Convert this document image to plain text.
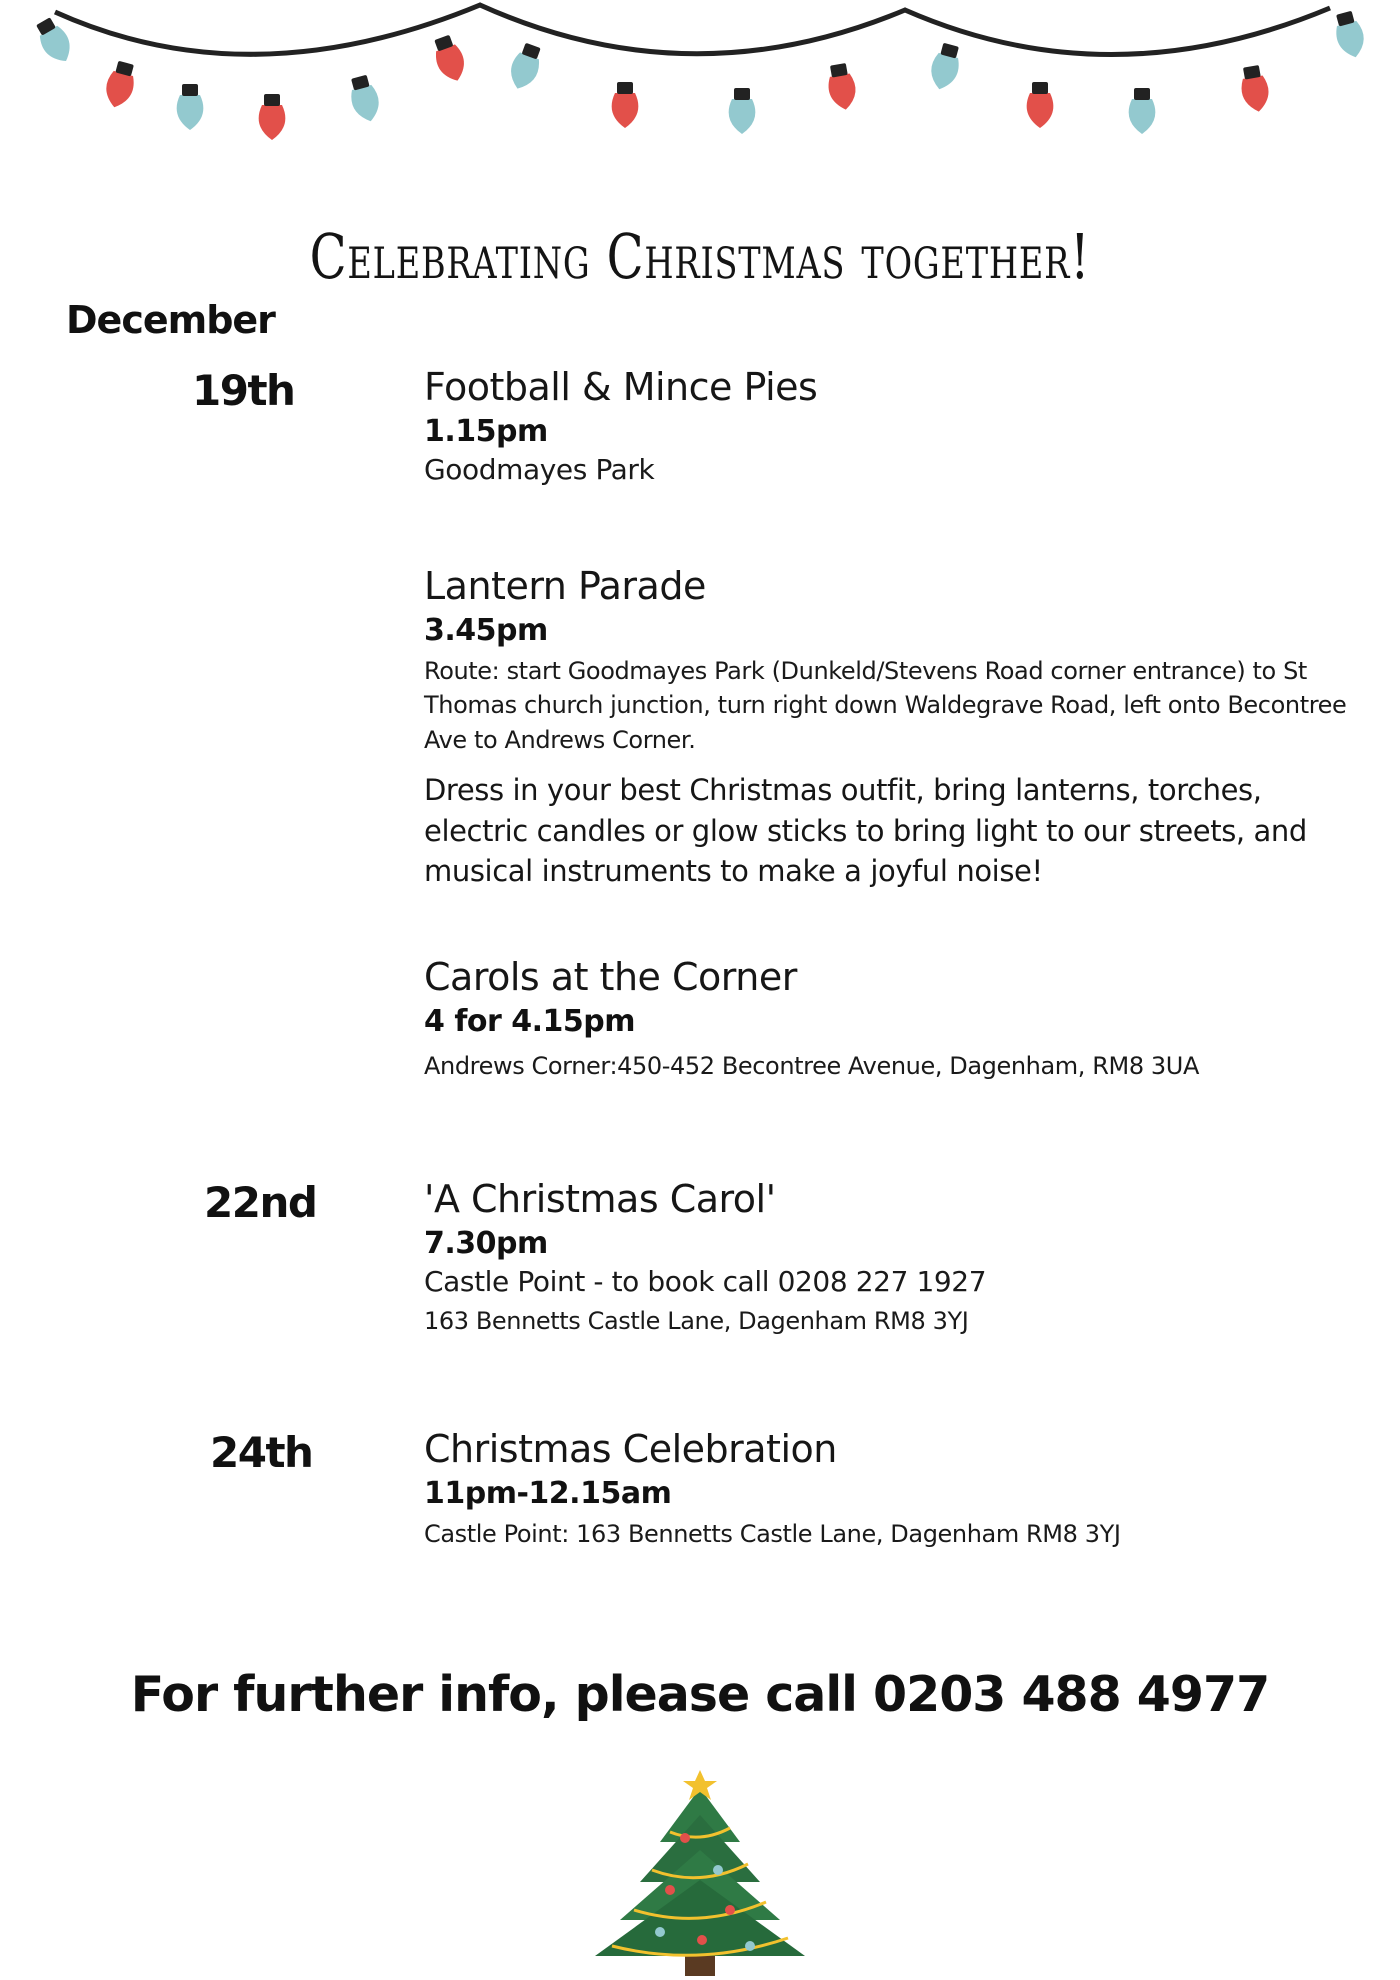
Celebrating Christmas together!
December
19th	Football & Mince Pies

1.15pm

Goodmayes Park

Lantern Parade

3.45pm

Route: start Goodmayes Park (Dunkeld/Stevens Road corner entrance) to St Thomas church junction, turn right down Waldegrave Road, left onto Becontree Ave to Andrews Corner.

Dress in your best Christmas outfit, bring lanterns, torches, electric candles or glow sticks to bring light to our streets, and musical instruments to make a joyful noise!

Carols at the Corner

4 for 4.15pm

Andrews Corner:450-452 Becontree Avenue, Dagenham, RM8 3UA

22nd	'A Christmas Carol'

7.30pm

Castle Point - to book call 0208 227 1927

163 Bennetts Castle Lane, Dagenham RM8 3YJ

24th	Christmas Celebration

11pm-12.15am

Castle Point: 163 Bennetts Castle Lane, Dagenham RM8 3YJ

For further info, please call 0203 488 4977
